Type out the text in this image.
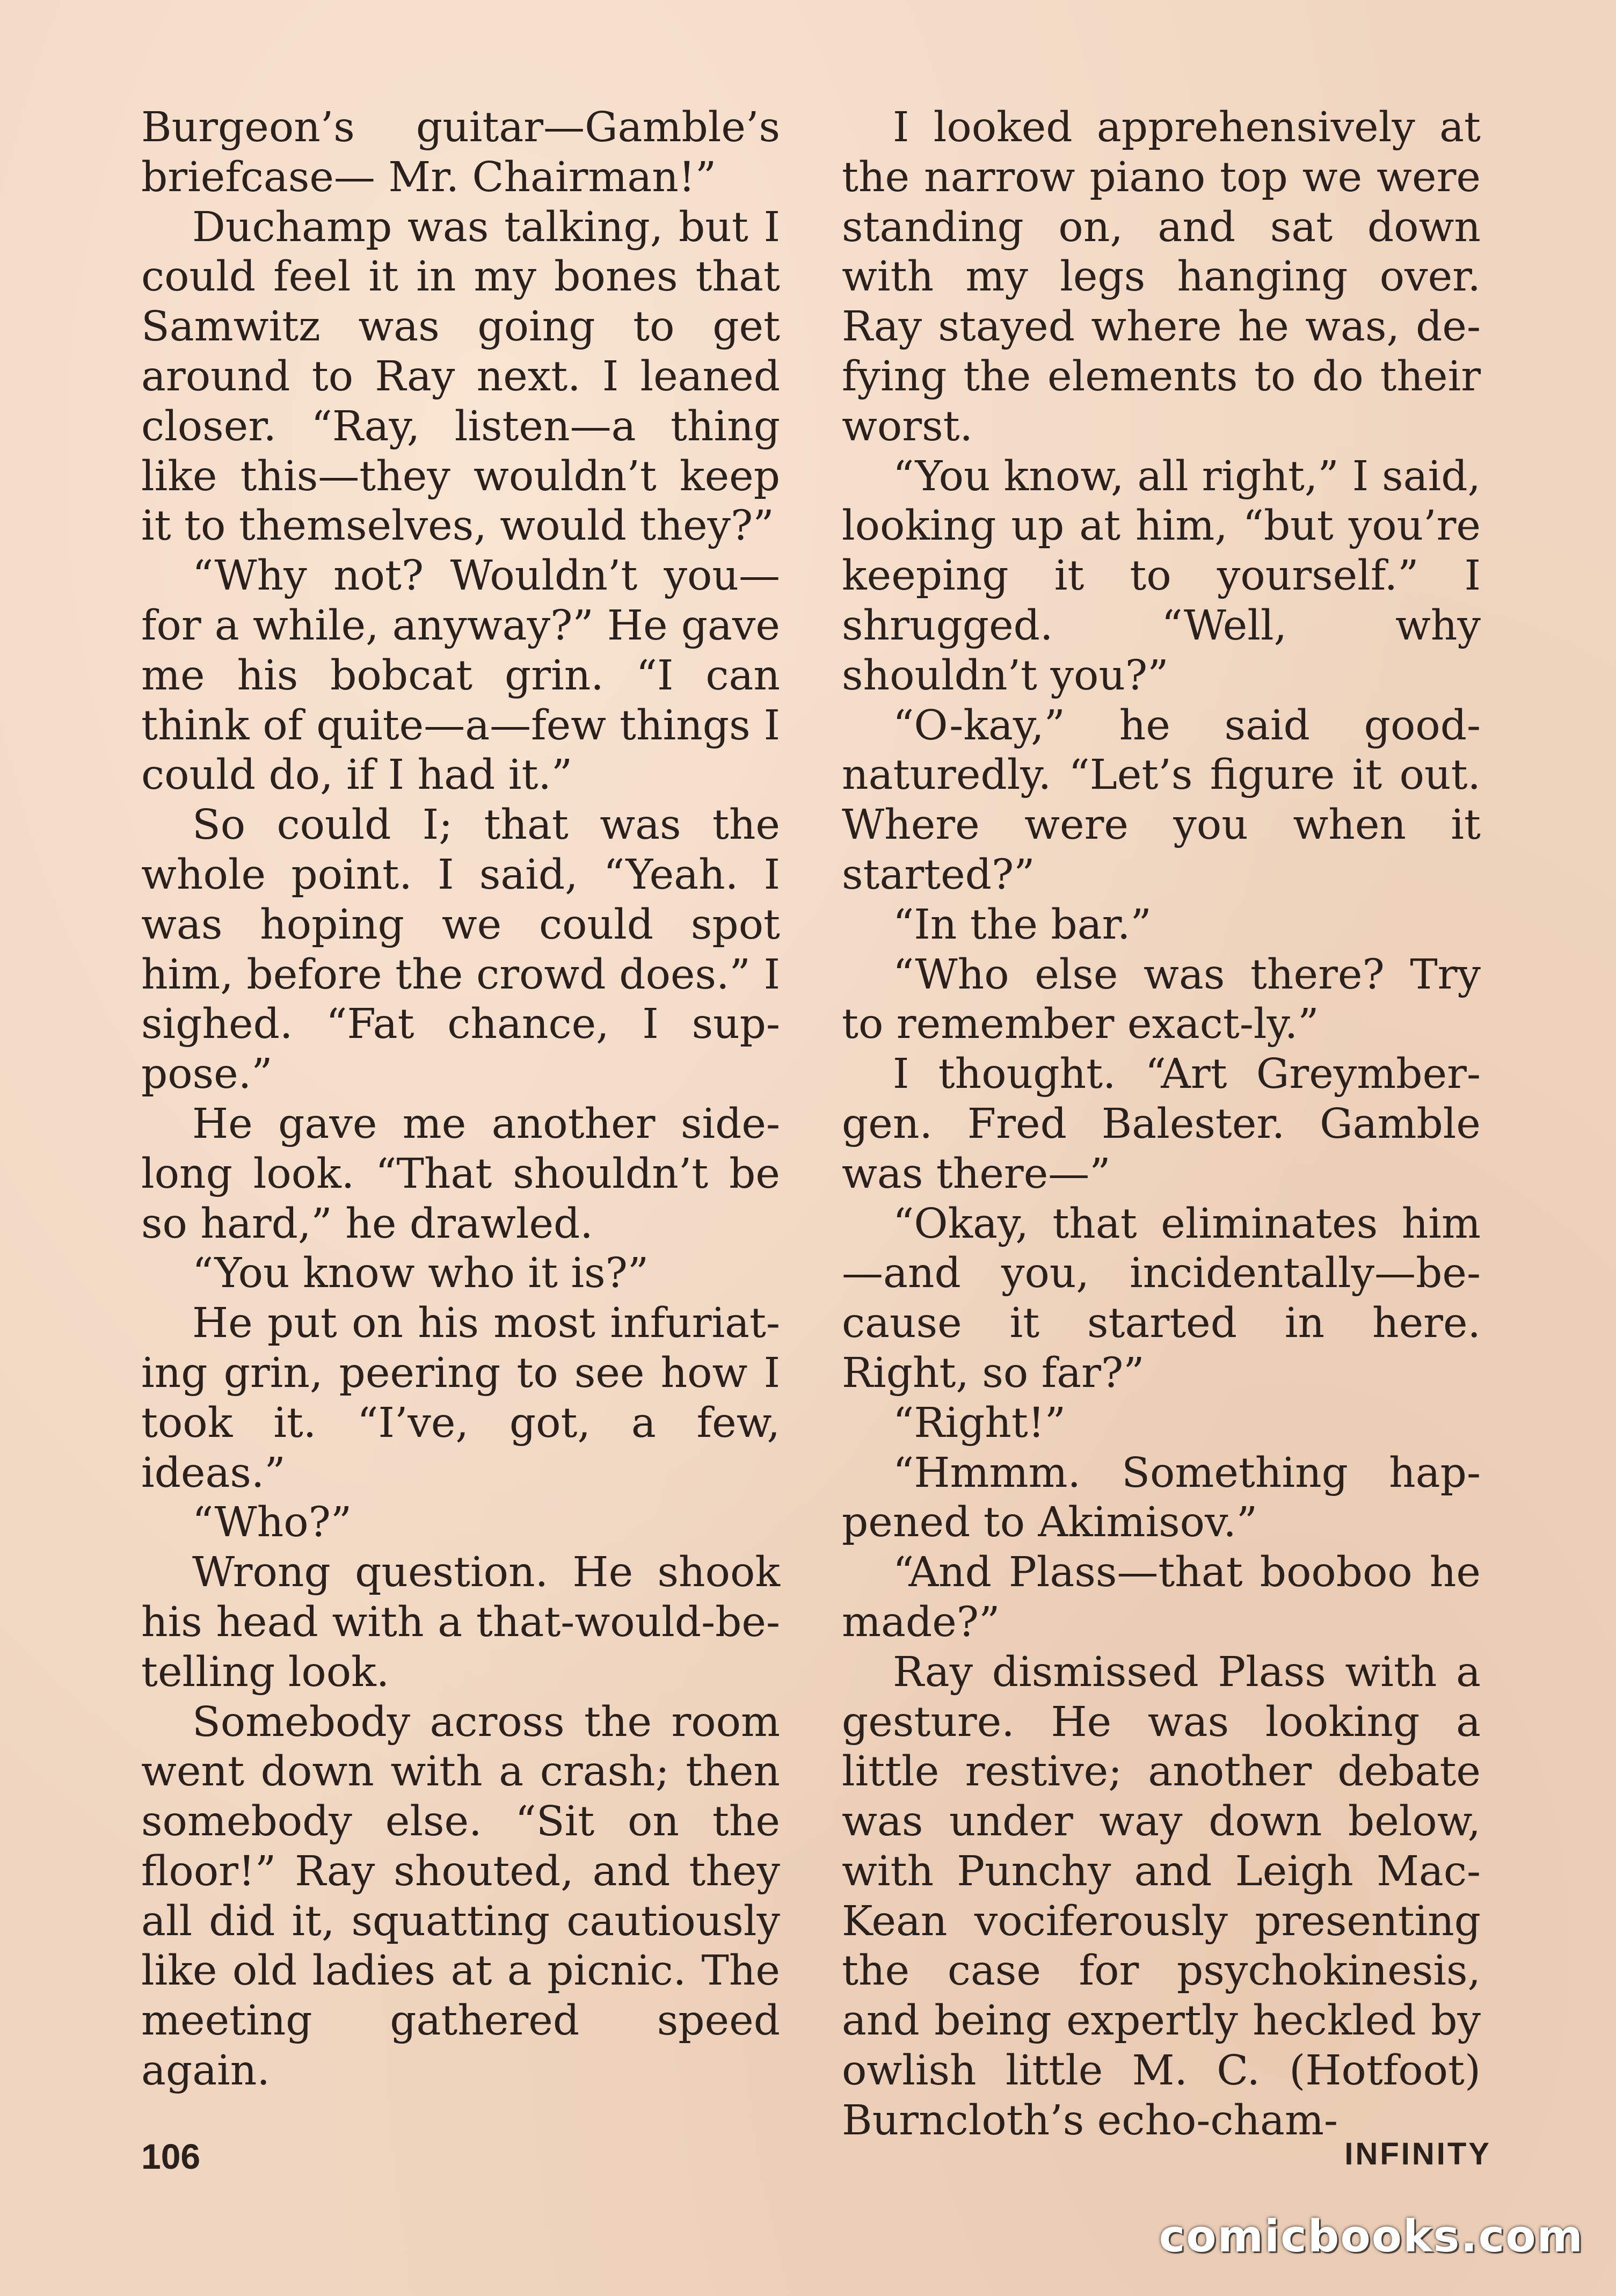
Burgeon’s guitar—Gamble’s briefcase— Mr. Chairman!”

Duchamp was talking, but I could feel it in my bones that Samwitz was going to get around to Ray next. I leaned closer. “Ray, listen—a thing like this—they wouldn’t keep it to themselves, would they?”

“Why not? Wouldn’t you—for a while, anyway?” He gave me his bobcat grin. “I can think of quite—a—few things I could do, if I had it.”

So could I; that was the whole point. I said, “Yeah. I was hoping we could spot him, before the crowd does.” I sighed. “Fat chance, I suppose.”

He gave me another sidelong look. “That shouldn’t be so hard,” he drawled.

“You know who it is?”

He put on his most infuriating grin, peering to see how I took it. “I’ve, got, a few, ideas.”

“Who?”

Wrong question. He shook his head with a that-would-be-telling look.

Somebody across the room went down with a crash; then somebody else. “Sit on the floor!” Ray shouted, and they all did it, squatting cautiously like old ladies at a picnic. The meeting gathered speed again.

I looked apprehensively at the narrow piano top we were standing on, and sat down with my legs hanging over. Ray stayed where he was, defying the elements to do their worst.

“You know, all right,” I said, looking up at him, “but you’re keeping it to yourself.” I shrugged. “Well, why shouldn’t you?”

“O-kay,” he said good-naturedly. “Let’s figure it out. Where were you when it started?”

“In the bar.”

“Who else was there? Try to remember exact-ly.”

I thought. “Art Greymbergen. Fred Balester. Gamble was there—”

“Okay, that eliminates him —and you, incidentally—because it started in here. Right, so far?”

“Right!”

“Hmmm. Something happened to Akimisov.”

“And Plass—that booboo he made?”

Ray dismissed Plass with a gesture. He was looking a little restive; another debate was under way down below, with Punchy and Leigh MacKean vociferously presenting the case for psychokinesis, and being expertly heckled by owlish little M. C. (Hotfoot) Burncloth’s echo-cham-

106	INFINITY
comicbooks.com
